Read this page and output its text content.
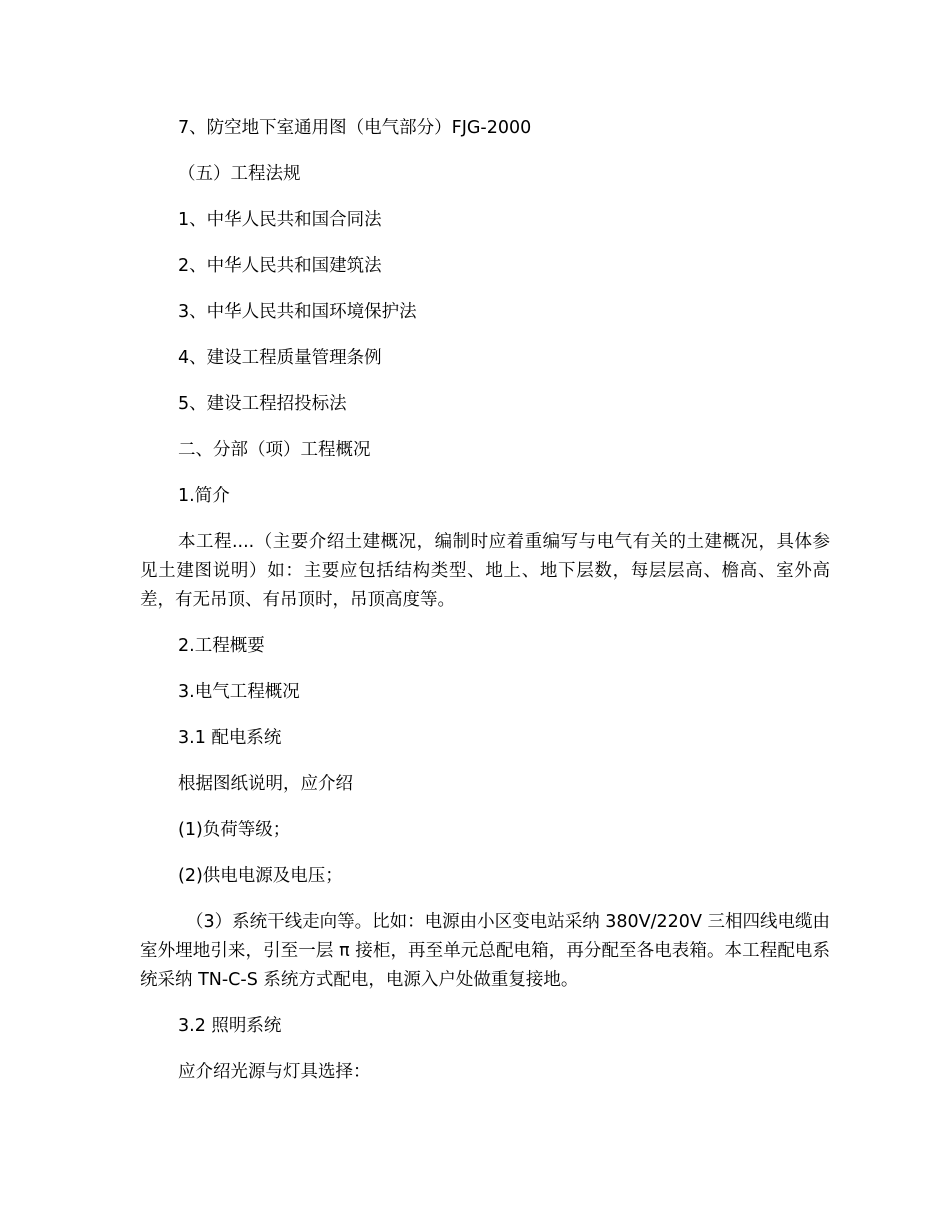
7、防空地下室通用图（电气部分）FJG-2000

（五）工程法规

1、中华人民共和国合同法

2、中华人民共和国建筑法

3、中华人民共和国环境保护法

4、建设工程质量管理条例

5、建设工程招投标法

二、分部（项）工程概况

1.简介

本工程....（主要介绍土建概况，编制时应着重编写与电气有关的土建概况，具体参见土建图说明）如：主要应包括结构类型、地上、地下层数，每层层高、檐高、室外高差，有无吊顶、有吊顶时，吊顶高度等。

2.工程概要

3.电气工程概况

3.1 配电系统

根据图纸说明，应介绍

(1)负荷等级；

(2)供电电源及电压；

（3）系统干线走向等。比如：电源由小区变电站采纳 380V/220V 三相四线电缆由室外埋地引来，引至一层 π 接柜，再至单元总配电箱，再分配至各电表箱。本工程配电系统采纳 TN-C-S 系统方式配电，电源入户处做重复接地。

3.2 照明系统

应介绍光源与灯具选择：
